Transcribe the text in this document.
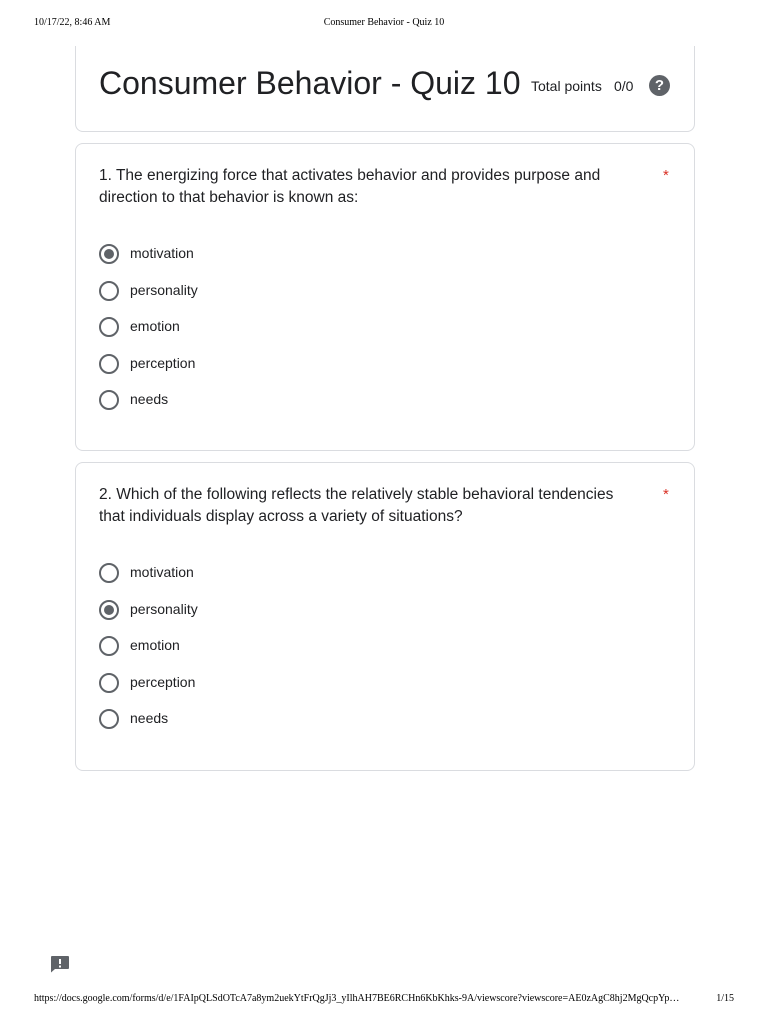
10/17/22, 8:46 AM	Consumer Behavior - Quiz 10
Consumer Behavior - Quiz 10 Total points 0/0	?
1. The energizing force that activates behavior and provides purpose and direction to that behavior is known as:
*
motivation
personality
emotion
perception
needs
2. Which of the following reflects the relatively stable behavioral tendencies that individuals display across a variety of situations?
*
motivation
personality
emotion
perception
needs
https://docs.google.com/forms/d/e/1FAIpQLSdOTcA7a8ym2uekYtFrQgJj3_yIlhAH7BE6RCHn6KbKhks-9A/viewscore?viewscore=AE0zAgC8hj2MgQcpYp…	1/15
